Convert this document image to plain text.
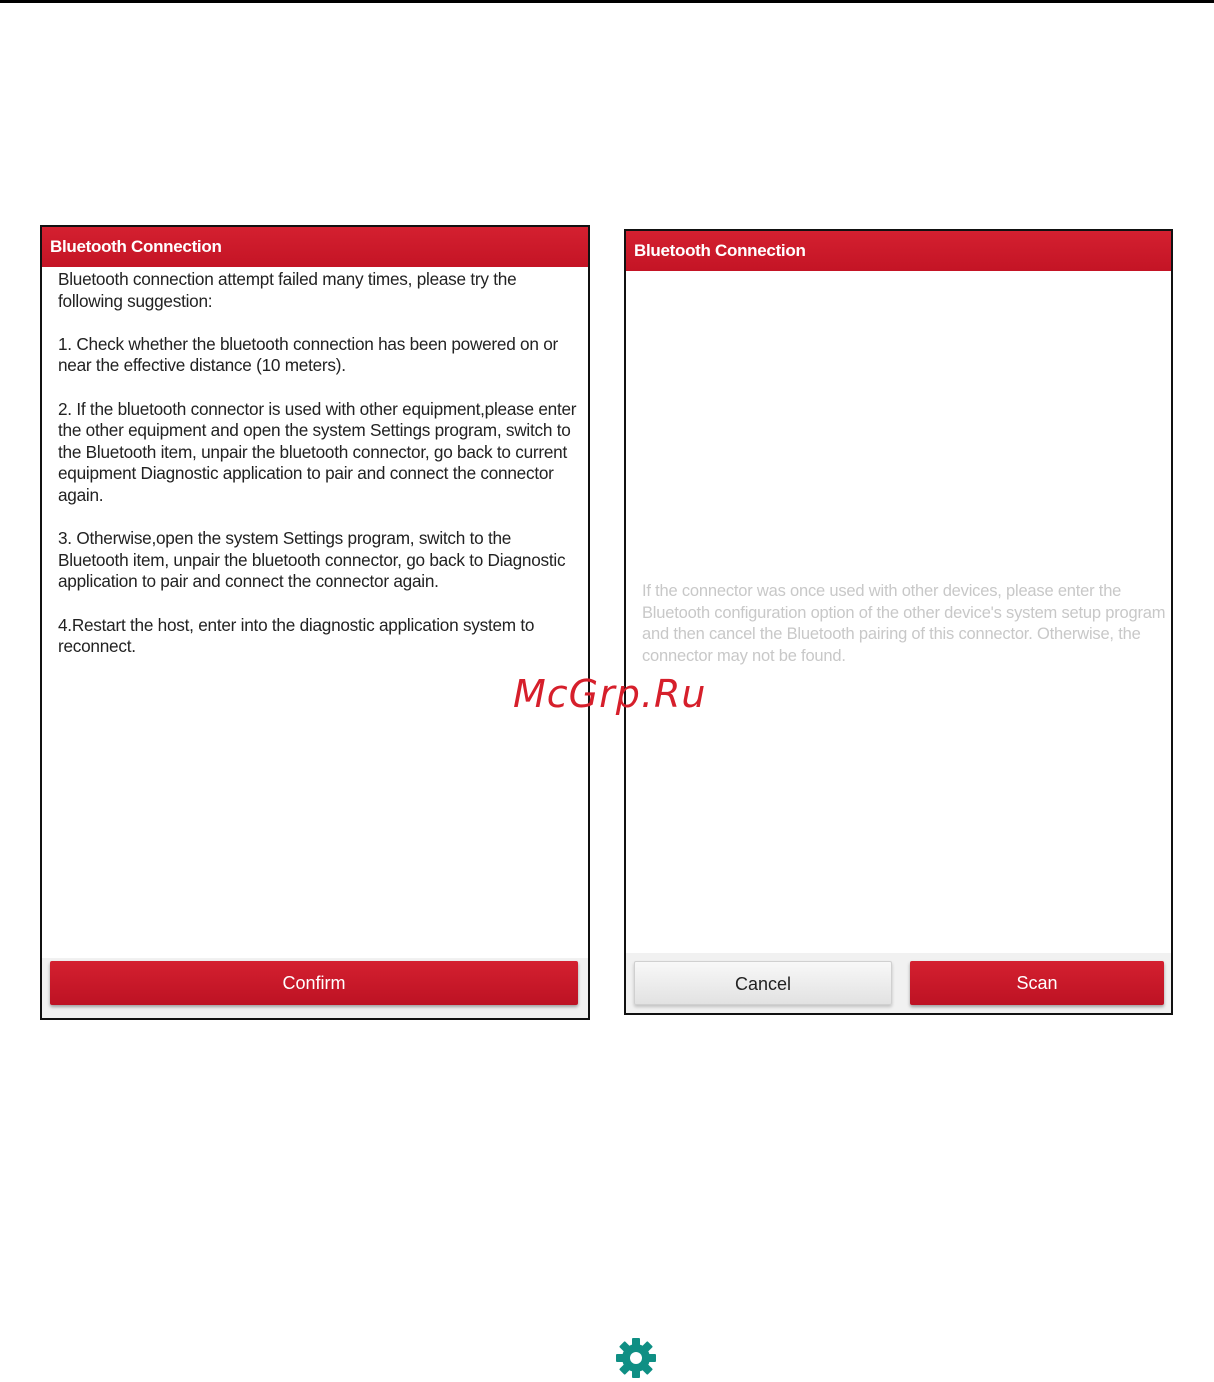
Bluetooth Connection

Bluetooth connection attempt failed many times, please try the following suggestion:

1. Check whether the bluetooth connection has been powered on or near the effective distance (10 meters).

2. If the bluetooth connector is used with other equipment,please enter the other equipment and open the system Settings program, switch to the Bluetooth item, unpair the bluetooth connector, go back to current equipment Diagnostic application to pair and connect the connector again.

3. Otherwise,open the system Settings program, switch to the Bluetooth item, unpair the bluetooth connector, go back to Diagnostic application to pair and connect the connector again.

4.Restart the host, enter into the diagnostic application system to reconnect.

Confirm
Bluetooth Connection
If the connector was once used with other devices, please enter the Bluetooth configuration option of the other device's system setup program and then cancel the Bluetooth pairing of this connector. Otherwise, the connector may not be found.
Cancel	Scan
McGrp.Ru
